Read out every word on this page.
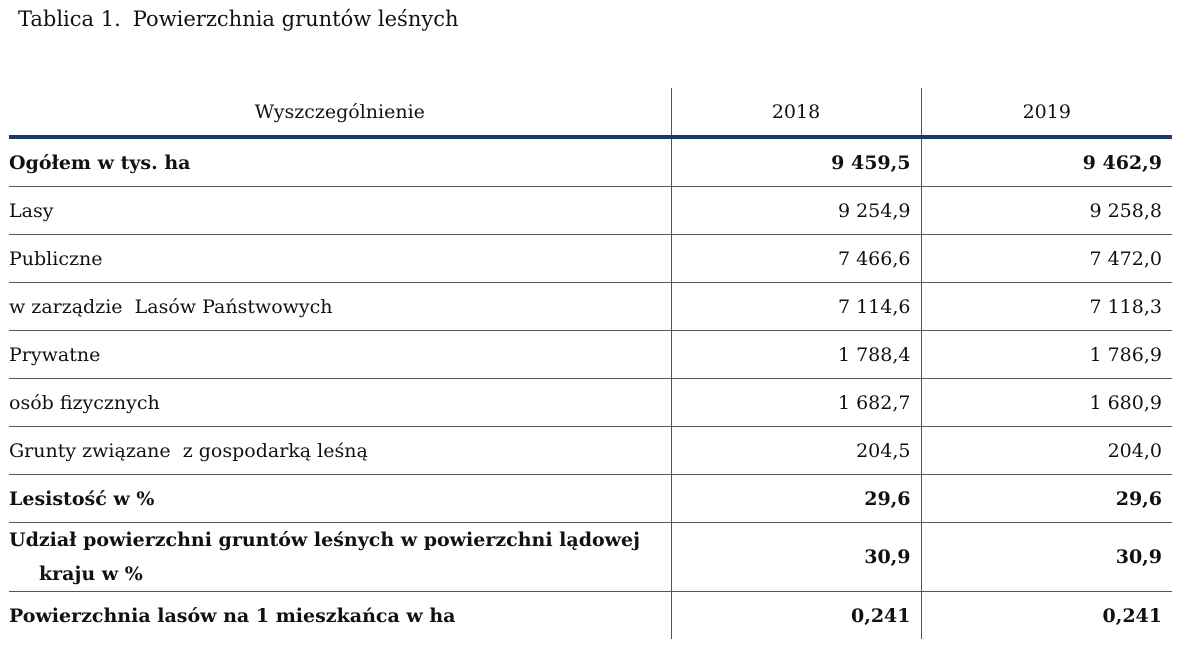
Tablica 1. Powierzchnia gruntów leśnych
Wyszczególnienie	2018	2019
Ogółem w tys. ha	9 459,5	9 462,9
Lasy	9 254,9	9 258,8
Publiczne	7 466,6	7 472,0
w zarządzie  Lasów Państwowych	7 114,6	7 118,3
Prywatne	1 788,4	1 786,9
osób fizycznych	1 682,7	1 680,9
Grunty związane  z gospodarką leśną	204,5	204,0
Lesistość w %	29,6	29,6
Udział powierzchni gruntów leśnych w powierzchni lądowej
kraju w %	30,9	30,9
Powierzchnia lasów na 1 mieszkańca w ha	0,241	0,241
